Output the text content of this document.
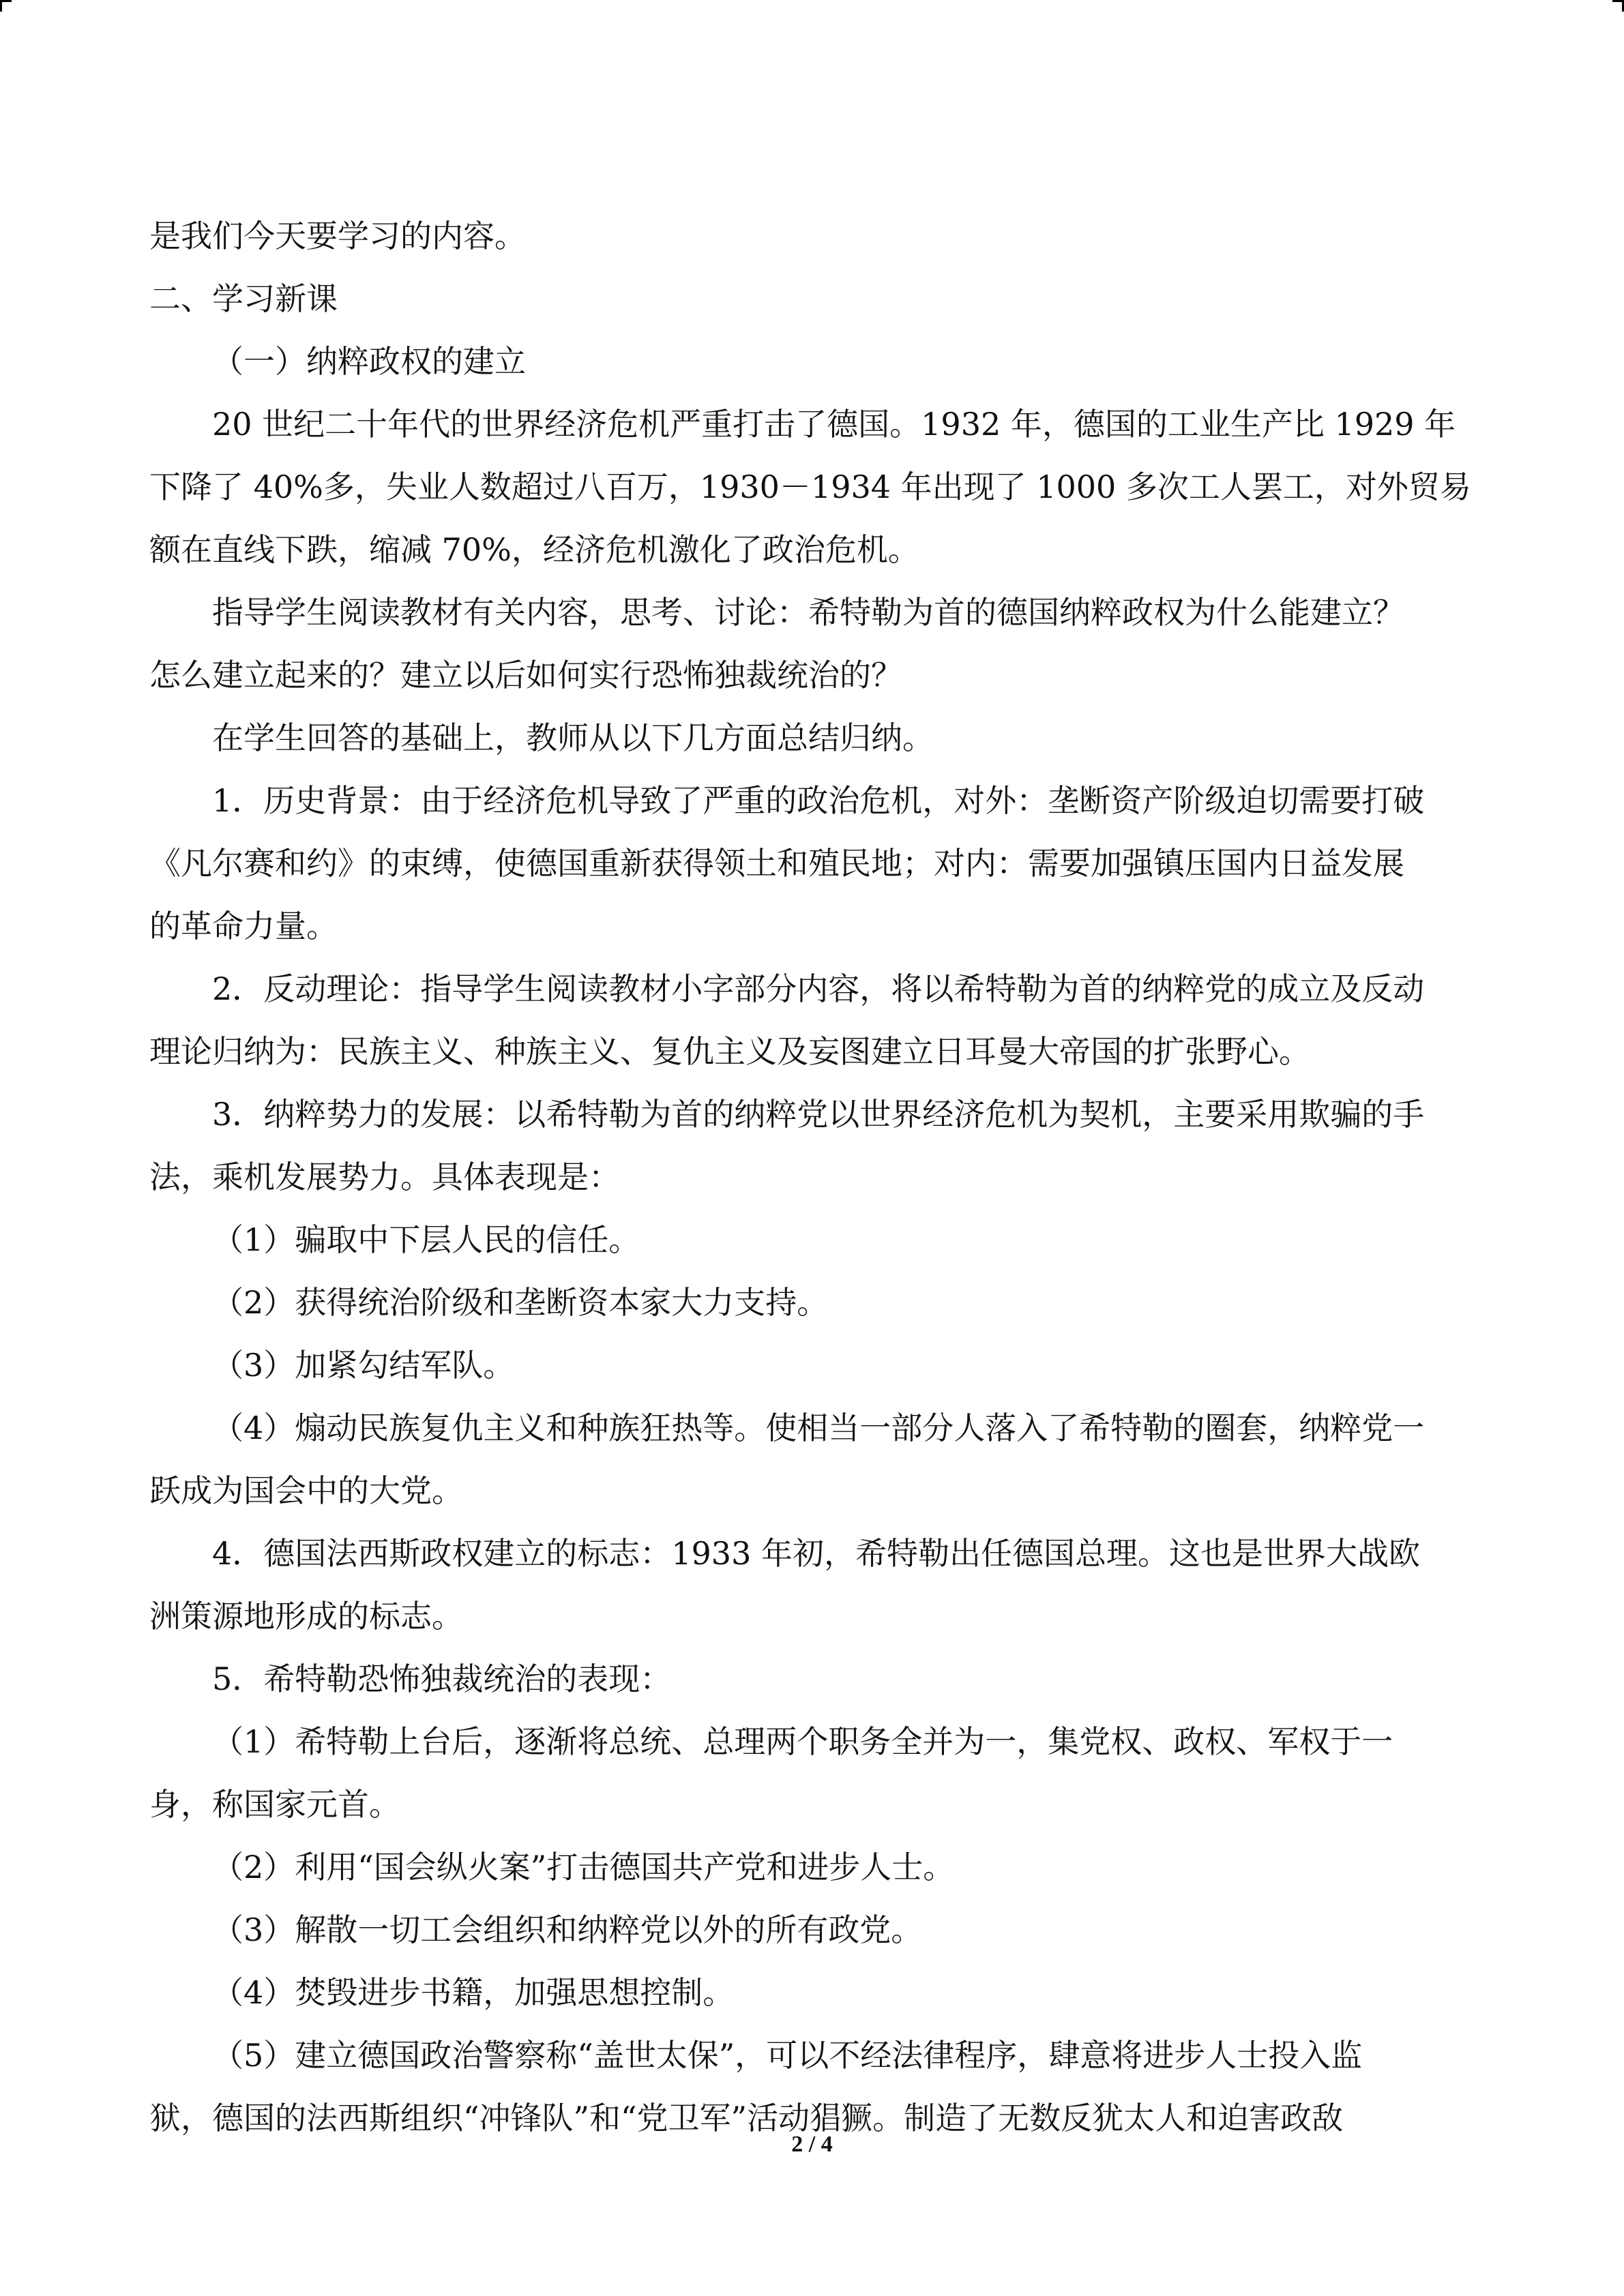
是我们今天要学习的内容。

二、学习新课

（一）纳粹政权的建立

20 世纪二十年代的世界经济危机严重打击了德国。1932 年，德国的工业生产比 1929 年

下降了 40%多，失业人数超过八百万，1930－1934 年出现了 1000 多次工人罢工，对外贸易

额在直线下跌，缩减 70%，经济危机激化了政治危机。

指导学生阅读教材有关内容，思考、讨论：希特勒为首的德国纳粹政权为什么能建立？

怎么建立起来的？建立以后如何实行恐怖独裁统治的？

在学生回答的基础上，教师从以下几方面总结归纳。

1．历史背景：由于经济危机导致了严重的政治危机，对外：垄断资产阶级迫切需要打破

《凡尔赛和约》的束缚，使德国重新获得领土和殖民地；对内：需要加强镇压国内日益发展

的革命力量。

2．反动理论：指导学生阅读教材小字部分内容，将以希特勒为首的纳粹党的成立及反动

理论归纳为：民族主义、种族主义、复仇主义及妄图建立日耳曼大帝国的扩张野心。

3．纳粹势力的发展：以希特勒为首的纳粹党以世界经济危机为契机，主要采用欺骗的手

法，乘机发展势力。具体表现是：

（1）骗取中下层人民的信任。

（2）获得统治阶级和垄断资本家大力支持。

（3）加紧勾结军队。

（4）煽动民族复仇主义和种族狂热等。使相当一部分人落入了希特勒的圈套，纳粹党一

跃成为国会中的大党。

4．德国法西斯政权建立的标志：1933 年初，希特勒出任德国总理。这也是世界大战欧

洲策源地形成的标志。

5．希特勒恐怖独裁统治的表现：

（1）希特勒上台后，逐渐将总统、总理两个职务全并为一，集党权、政权、军权于一

身，称国家元首。

（2）利用“国会纵火案”打击德国共产党和进步人士。

（3）解散一切工会组织和纳粹党以外的所有政党。

（4）焚毁进步书籍，加强思想控制。

（5）建立德国政治警察称“盖世太保”，可以不经法律程序，肆意将进步人士投入监

狱，德国的法西斯组织“冲锋队”和“党卫军”活动猖獗。制造了无数反犹太人和迫害政敌

2 / 4
